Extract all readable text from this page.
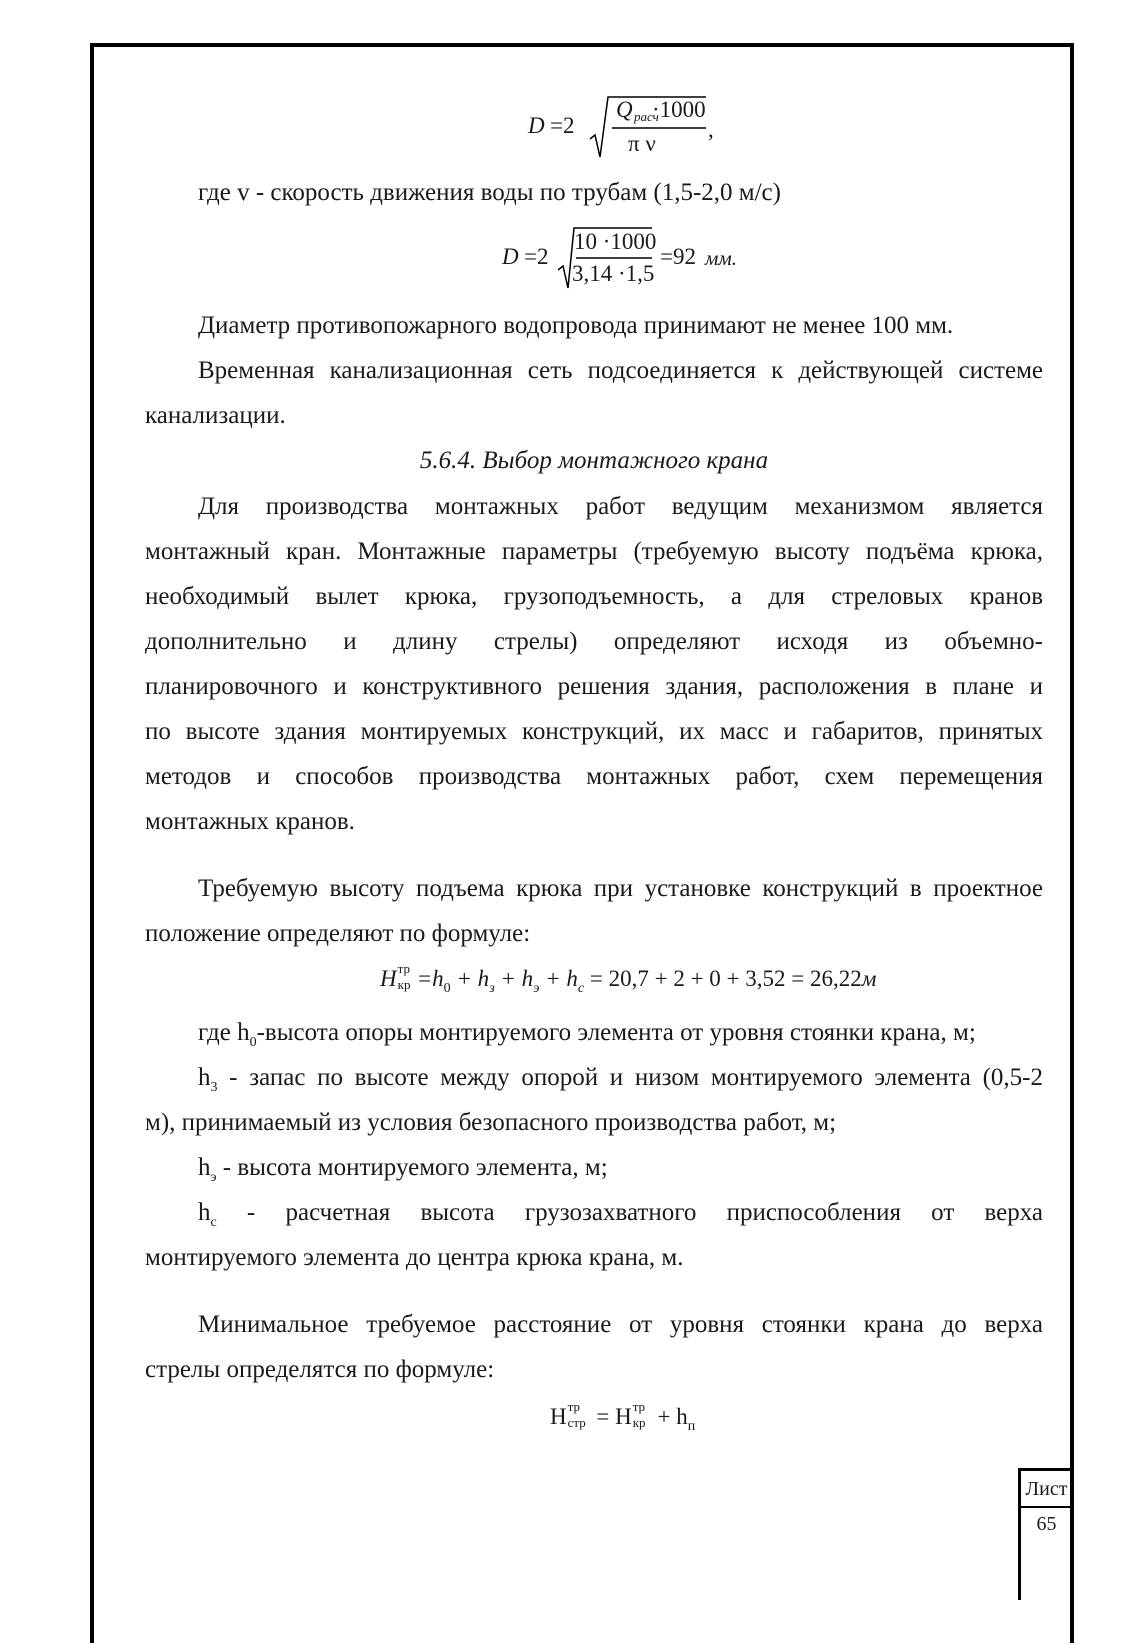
D =2
Q расч
·1000
π ν
,
где v - скорость движения воды по трубам (1,5-2,0 м/с)
D =2
10 ·1000
3,14 ·1,5
=92 мм.
Диаметр противопожарного водопровода принимают не менее 100 мм.
Временная канализационная сеть подсоединяется к действующей системе
канализации.
5.6.4. Выбор монтажного крана
Для производства монтажных работ ведущим механизмом является
монтажный кран. Монтажные параметры (требуемую высоту подъёма крюка,
необходимый вылет крюка, грузоподъемность, а для стреловых кранов
дополнительно и длину стрелы) определяют исходя из объемно-
планировочного и конструктивного решения здания, расположения в плане и
по высоте здания монтируемых конструкций, их масс и габаритов, принятых
методов и способов производства монтажных работ, схем перемещения
монтажных кранов.
Требуемую высоту подъема крюка при установке конструкций в проектное
положение определяют по формуле:
H тр
кр $=h_0 + h_з + h_э + h_с = 20,7 + 2 + 0 + 3,52 = 26,22м$
где $h_0$-высота опоры монтируемого элемента от уровня стоянки крана, м;
$h_3$ - запас по высоте между опорой и низом монтируемого элемента (0,5-2
м), принимаемый из условия безопасного производства работ, м;
$h_э$ - высота монтируемого элемента, м;
$h_с$ - расчетная высота грузозахватного приспособления от верха
монтируемого элемента до центра крюка крана, м.
Минимальное требуемое расстояние от уровня стоянки крана до верха
стрелы определятся по формуле:
Н тр
стр = Н тр
кр + $h_п$
Лист
65
